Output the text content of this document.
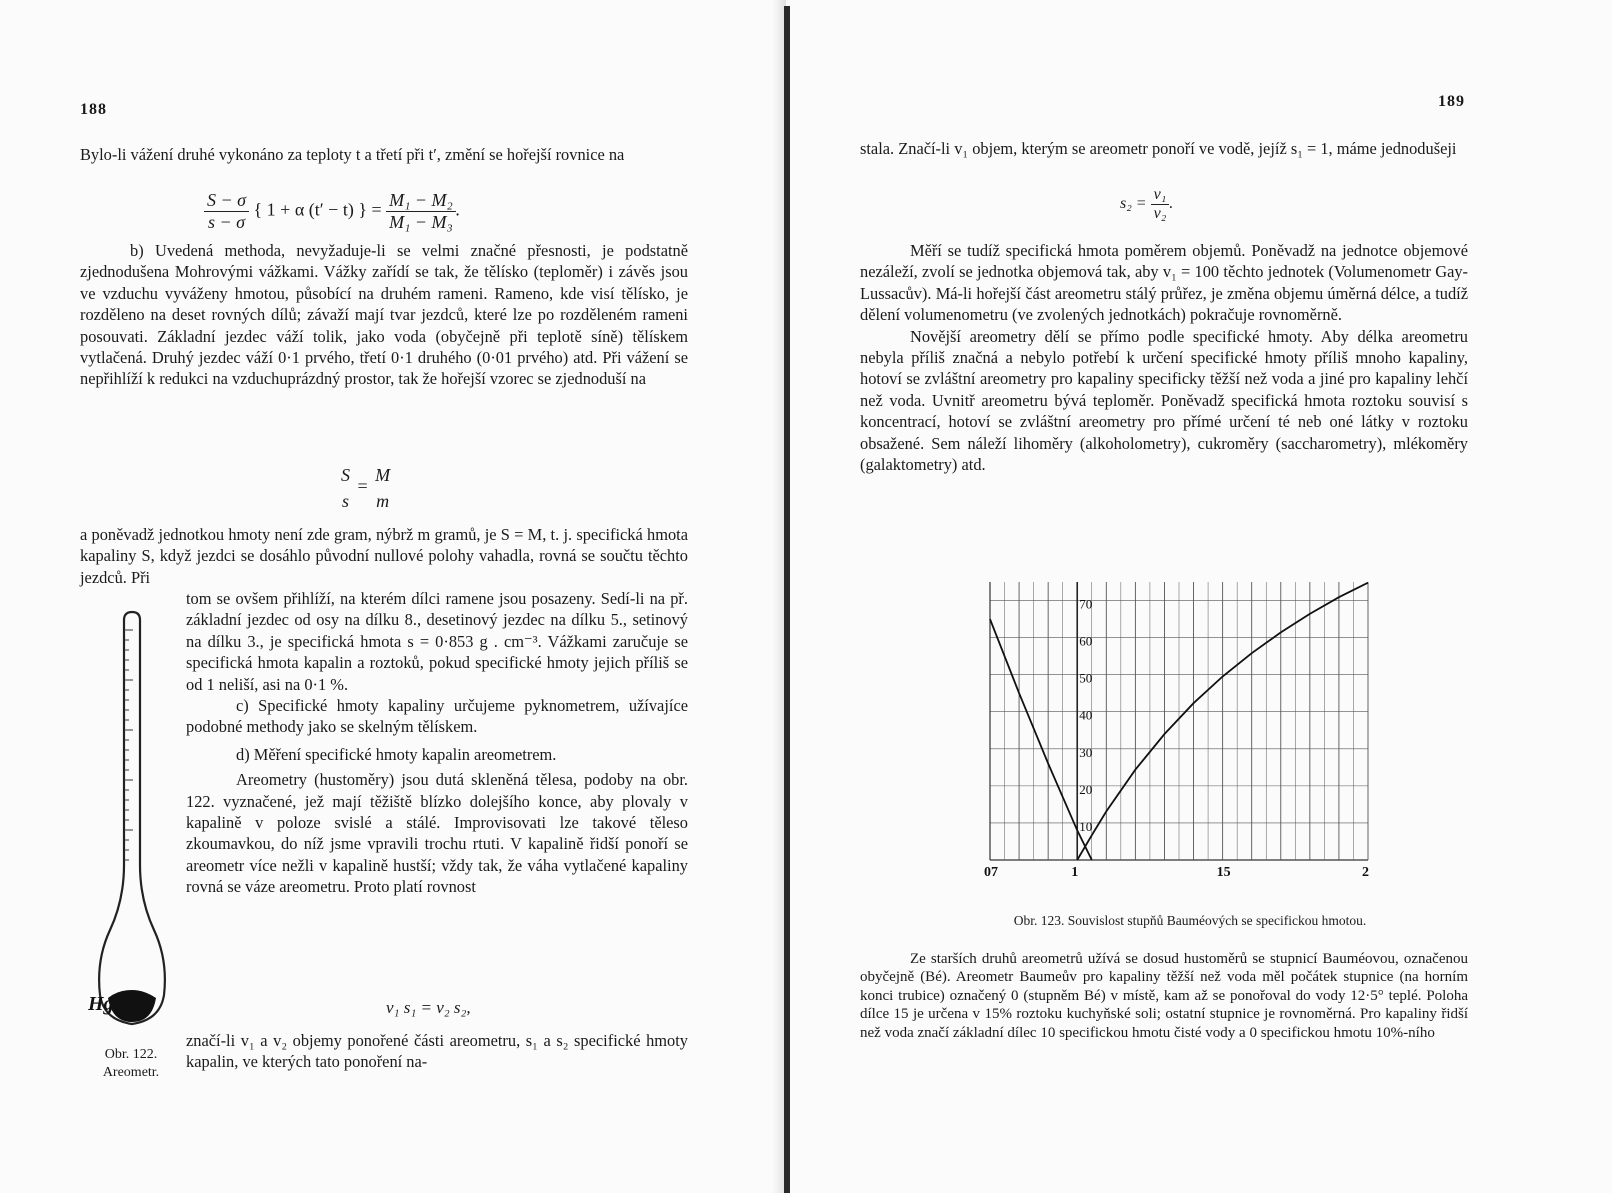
188

Bylo-li vážení druhé vykonáno za teploty t a třetí při t′, změní se hořejší rovnice na

$\frac{S - \sigma}{s - \sigma}$ { 1 + α (t′ − t) } = $\frac{\text{M₁ − M₂}}{\text{M₁ − M₃}}$ .

b) Uvedená methoda, nevyžaduje-li se velmi značné přesnosti, je podstatně zjednodušena Mohrovými vážkami. Vážky zařídí se tak, že tělísko (teploměr) i závěs jsou ve vzduchu vyváženy hmotou, působící na druhém rameni. Rameno, kde visí tělísko, je rozděleno na deset rovných dílů; závaží mají tvar jezdců, které lze po rozděleném rameni posouvati. Základní jezdec váží tolik, jako voda (obyčejně při teplotě síně) tělískem vytlačená. Druhý jezdec váží 0·1 prvého, třetí 0·1 druhého (0·01 prvého) atd. Při vážení se nepřihlíží k redukci na vzduchuprázdný prostor, tak že hořejší vzorec se zjednoduší na

S
s
=
M
m

a poněvadž jednotkou hmoty není zde gram, nýbrž m gramů, je S = M, t. j. specifická hmota kapaliny S, když jezdci se dosáhlo původní nullové polohy vahadla, rovná se součtu těchto jezdců. Při

tom se ovšem přihlíží, na kterém dílci ramene jsou posazeny. Sedí-li na př. základní jezdec od osy na dílku 8., desetinový jezdec na dílku 5., setinový na dílku 3., je specifická hmota s = 0·853 g . cm⁻³. Vážkami zaručuje se specifická hmota kapalin a roztoků, pokud specifické hmoty jejich příliš se od 1 neliší, asi na 0·1 %.

c) Specifické hmoty kapaliny určujeme pyknometrem, užívajíce podobné methody jako se skelným tělískem.

d) Měření specifické hmoty kapalin areometrem.

Areometry (hustoměry) jsou dutá skleněná tělesa, podoby na obr. 122. vyznačené, jež mají těžiště blízko dolejšího konce, aby plovaly v kapalině v poloze svislé a stálé. Improvisovati lze takové těleso zkoumavkou, do níž jsme vpravili trochu rtuti. V kapalině řidší ponoří se areometr více nežli v kapalině hustší; vždy tak, že váha vytlačené kapaliny rovná se váze areometru. Proto platí rovnost

v₁ s₁ = v₂ s₂,

značí-li v₁ a v₂ objemy ponořené části areometru, s₁ a s₂ specifické hmoty kapalin, ve kterých tato ponoření na-

Hg
Obr. 122.
Areometr.
189

stala. Značí-li v₁ objem, kterým se areometr ponoří ve vodě, jejíž s₁ = 1, máme jednodušeji

$s_2 = \frac{\text{v₁}}{\text{v₂}}$ .

Měří se tudíž specifická hmota poměrem objemů. Poněvadž na jednotce objemové nezáleží, zvolí se jednotka objemová tak, aby v₁ = 100 těchto jednotek (Volumenometr Gay-Lussacův). Má-li hořejší část areometru stálý průřez, je změna objemu úměrná délce, a tudíž dělení volumenometru (ve zvolených jednotkách) pokračuje rovnoměrně.

Novější areometry dělí se přímo podle specifické hmoty. Aby délka areometru nebyla příliš značná a nebylo potřebí k určení specifické hmoty příliš mnoho kapaliny, hotoví se zvláštní areometry pro kapaliny specificky těžší než voda a jiné pro kapaliny lehčí než voda. Uvnitř areometru bývá teploměr. Poněvadž specifická hmota roztoku souvisí s koncentrací, hotoví se zvláštní areometry pro přímé určení té neb oné látky v roztoku obsažené. Sem náleží lihoměry (alkoholometry), cukroměry (saccharometry), mlékoměry (galaktometry) atd.

10
20
30
40
50
60
70
07	1	15	2
Obr. 123. Souvislost stupňů Bauméových se specifickou hmotou.

Ze starších druhů areometrů užívá se dosud hustoměrů se stupnicí Bauméovou, označenou obyčejně (Bé). Areometr Baumeův pro kapaliny těžší než voda měl počátek stupnice (na horním konci trubice) označený 0 (stupněm Bé) v místě, kam až se ponořoval do vody 12·5° teplé. Poloha dílce 15 je určena v 15% roztoku kuchyňské soli; ostatní stupnice je rovnoměrná. Pro kapaliny řidší než voda značí základní dílec 10 specifickou hmotu čisté vody a 0 specifickou hmotu 10%-ního
